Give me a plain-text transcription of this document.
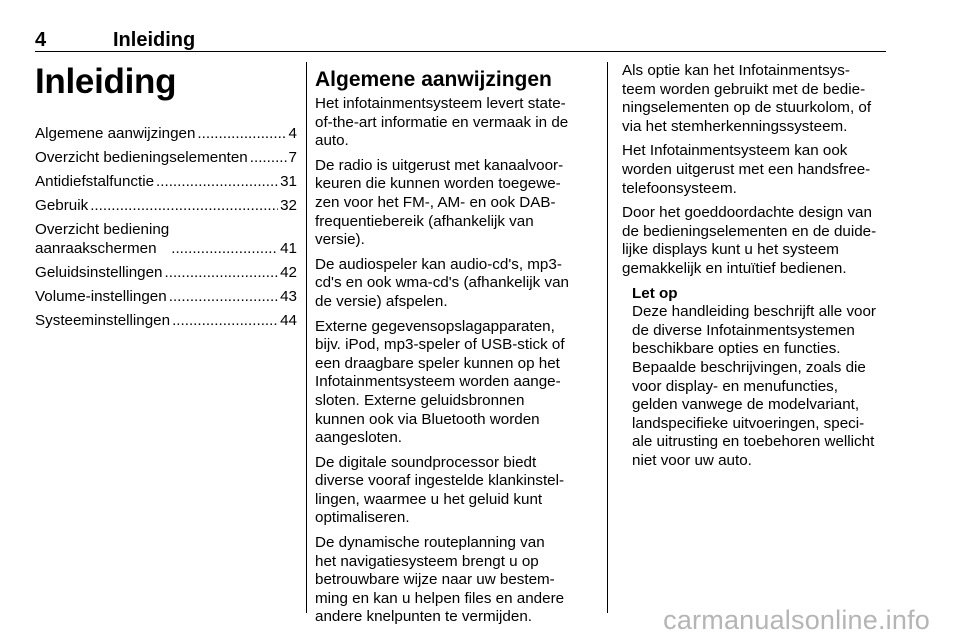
4	Inleiding
Inleiding
Algemene aanwijzingen .....	4
Overzicht bedieningselementen .....	7
Antidiefstalfunctie .....	31
Gebruik .....	32
Overzicht bediening
aanraakschermen .....	41
Geluidsinstellingen .....	42
Volume-instellingen .....	43
Systeeminstellingen .....	44
Algemene aanwijzingen

Het infotainmentsysteem levert state-
of-the-art informatie en vermaak in de
auto.

De radio is uitgerust met kanaalvoor-
keuren die kunnen worden toegewe-
zen voor het FM-, AM- en ook DAB-
frequentiebereik (afhankelijk van
versie).

De audiospeler kan audio-cd's, mp3-
cd's en ook wma-cd's (afhankelijk van
de versie) afspelen.

Externe gegevensopslagapparaten,
bijv. iPod, mp3-speler of USB-stick of
een draagbare speler kunnen op het
Infotainmentsysteem worden aange-
sloten. Externe geluidsbronnen
kunnen ook via Bluetooth worden
aangesloten.

De digitale soundprocessor biedt
diverse vooraf ingestelde klankinstel-
lingen, waarmee u het geluid kunt
optimaliseren.

De dynamische routeplanning van
het navigatiesysteem brengt u op
betrouwbare wijze naar uw bestem-
ming en kan u helpen files en andere
andere knelpunten te vermijden.

Als optie kan het Infotainmentsys-
teem worden gebruikt met de bedie-
ningselementen op de stuurkolom, of
via het stemherkenningssysteem.

Het Infotainmentsysteem kan ook
worden uitgerust met een handsfree-
telefoonsysteem.

Door het goeddoordachte design van
de bedieningselementen en de duide-
lijke displays kunt u het systeem
gemakkelijk en intuïtief bedienen.

Let op

Deze handleiding beschrijft alle voor
de diverse Infotainmentsystemen
beschikbare opties en functies.
Bepaalde beschrijvingen, zoals die
voor display- en menufuncties,
gelden vanwege de modelvariant,
landspecifieke uitvoeringen, speci-
ale uitrusting en toebehoren wellicht
niet voor uw auto.

carmanualsonline.info
